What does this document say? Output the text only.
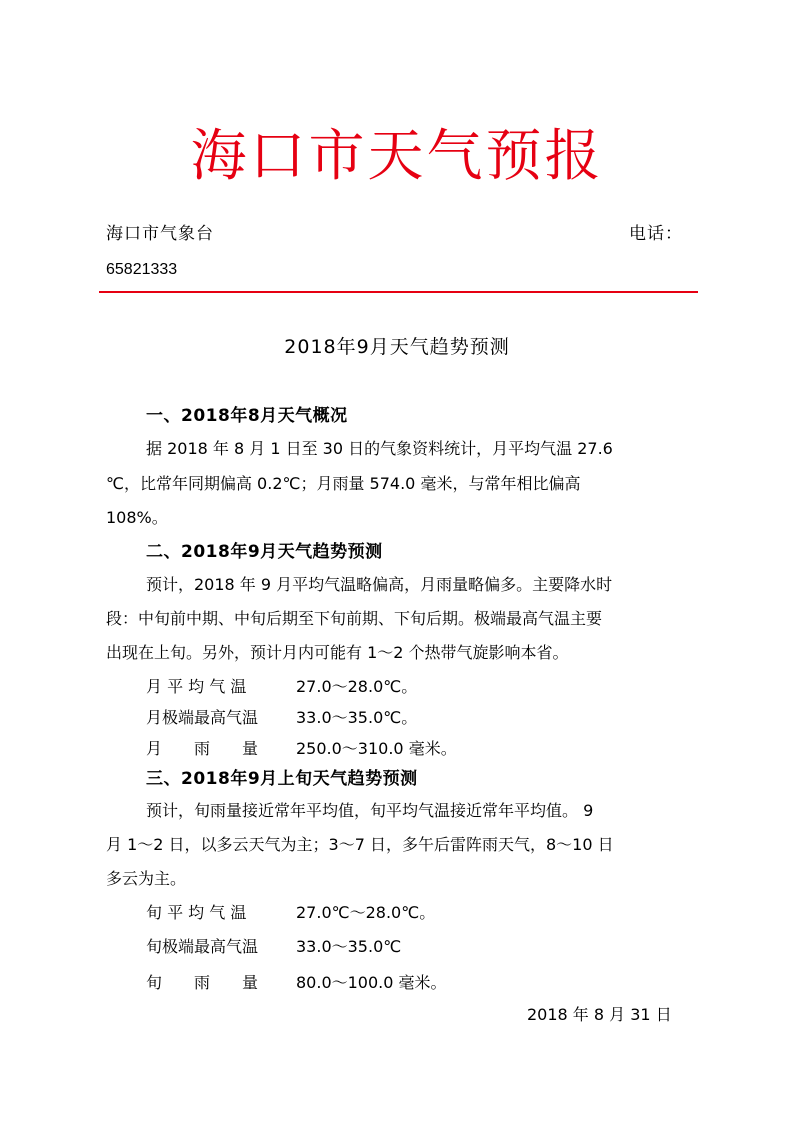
海口市天气预报
海口市气象台	电话：
65821333
2018年9月天气趋势预测
一、2018年8月天气概况
据 2018 年 8 月 1 日至 30 日的气象资料统计，月平均气温 27.6
℃，比常年同期偏高 0.2℃；月雨量 574.0 毫米，与常年相比偏高
108%。
二、2018年9月天气趋势预测
预计，2018 年 9 月平均气温略偏高，月雨量略偏多。主要降水时
段：中旬前中期、中旬后期至下旬前期、下旬后期。极端最高气温主要
出现在上旬。另外，预计月内可能有 1～2 个热带气旋影响本省。
月 平 均 气 温	27.0～28.0℃。
月极端最高气温 33.0～35.0℃。
月　　雨　　量 250.0～310.0 毫米。
三、2018年9月上旬天气趋势预测
预计，旬雨量接近常年平均值，旬平均气温接近常年平均值。 9
月 1～2 日，以多云天气为主；3～7 日，多午后雷阵雨天气，8～10 日
多云为主。
旬 平 均 气 温	27.0℃～28.0℃。
旬极端最高气温 33.0～35.0℃
旬　　雨　　量 80.0～100.0 毫米。
2018 年 8 月 31 日
